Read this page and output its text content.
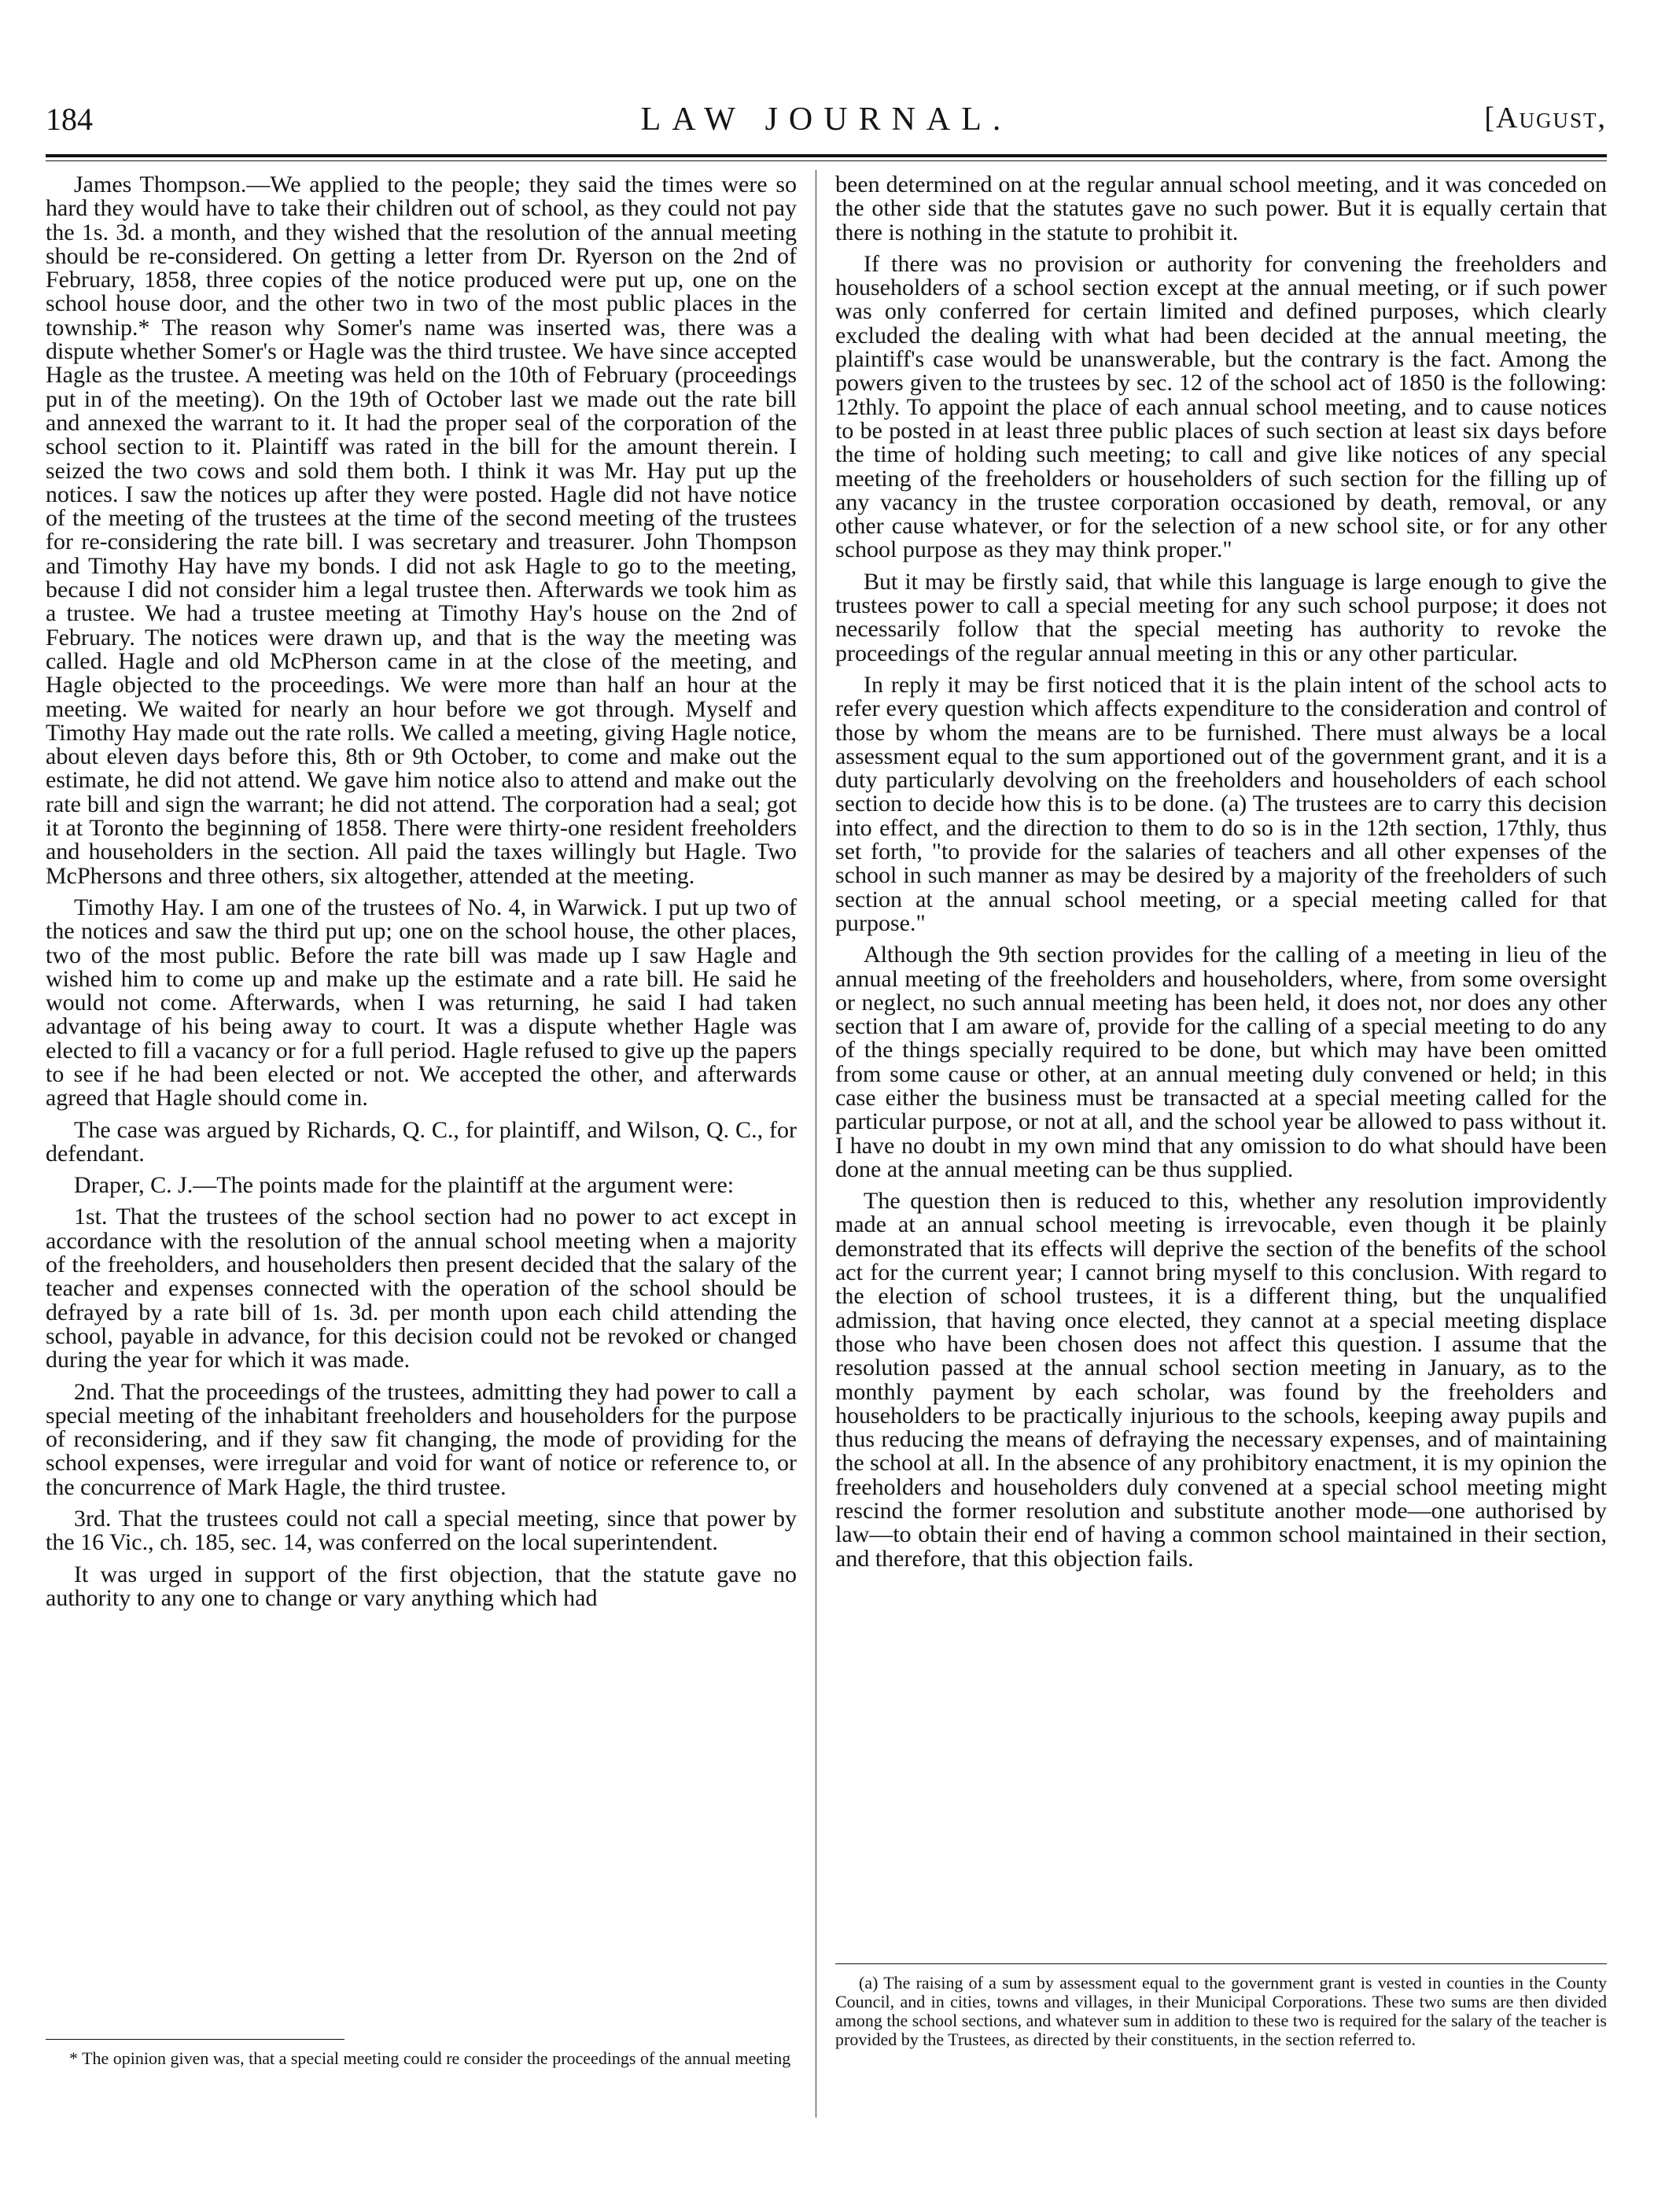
184	LAW JOURNAL.	[August,

James Thompson.—We applied to the people; they said the times were so hard they would have to take their children out of school, as they could not pay the 1s. 3d. a month, and they wished that the resolution of the annual meeting should be re-considered. On getting a letter from Dr. Ryerson on the 2nd of February, 1858, three copies of the notice produced were put up, one on the school house door, and the other two in two of the most public places in the township.* The reason why Somer's name was inserted was, there was a dispute whether Somer's or Hagle was the third trustee. We have since accepted Hagle as the trustee. A meeting was held on the 10th of February (proceedings put in of the meeting). On the 19th of October last we made out the rate bill and annexed the warrant to it. It had the proper seal of the corporation of the school section to it. Plaintiff was rated in the bill for the amount therein. I seized the two cows and sold them both. I think it was Mr. Hay put up the notices. I saw the notices up after they were posted. Hagle did not have notice of the meeting of the trustees at the time of the second meeting of the trustees for re-considering the rate bill. I was secretary and treasurer. John Thompson and Timothy Hay have my bonds. I did not ask Hagle to go to the meeting, because I did not consider him a legal trustee then. Afterwards we took him as a trustee. We had a trustee meeting at Timothy Hay's house on the 2nd of February. The notices were drawn up, and that is the way the meeting was called. Hagle and old McPherson came in at the close of the meeting, and Hagle objected to the proceedings. We were more than half an hour at the meeting. We waited for nearly an hour before we got through. Myself and Timothy Hay made out the rate rolls. We called a meeting, giving Hagle notice, about eleven days before this, 8th or 9th October, to come and make out the estimate, he did not attend. We gave him notice also to attend and make out the rate bill and sign the warrant; he did not attend. The corporation had a seal; got it at Toronto the beginning of 1858. There were thirty-one resident freeholders and householders in the section. All paid the taxes willingly but Hagle. Two McPhersons and three others, six altogether, attended at the meeting.

Timothy Hay. I am one of the trustees of No. 4, in Warwick. I put up two of the notices and saw the third put up; one on the school house, the other places, two of the most public. Before the rate bill was made up I saw Hagle and wished him to come up and make up the estimate and a rate bill. He said he would not come. Afterwards, when I was returning, he said I had taken advantage of his being away to court. It was a dispute whether Hagle was elected to fill a vacancy or for a full period. Hagle refused to give up the papers to see if he had been elected or not. We accepted the other, and afterwards agreed that Hagle should come in.

The case was argued by Richards, Q. C., for plaintiff, and Wilson, Q. C., for defendant.

Draper, C. J.—The points made for the plaintiff at the argument were:

1st. That the trustees of the school section had no power to act except in accordance with the resolution of the annual school meeting when a majority of the freeholders, and householders then present decided that the salary of the teacher and expenses connected with the operation of the school should be defrayed by a rate bill of 1s. 3d. per month upon each child attending the school, payable in advance, for this decision could not be revoked or changed during the year for which it was made.

2nd. That the proceedings of the trustees, admitting they had power to call a special meeting of the inhabitant freeholders and householders for the purpose of reconsidering, and if they saw fit changing, the mode of providing for the school expenses, were irregular and void for want of notice or reference to, or the concurrence of Mark Hagle, the third trustee.

3rd. That the trustees could not call a special meeting, since that power by the 16 Vic., ch. 185, sec. 14, was conferred on the local superintendent.

It was urged in support of the first objection, that the statute gave no authority to any one to change or vary anything which had

been determined on at the regular annual school meeting, and it was conceded on the other side that the statutes gave no such power. But it is equally certain that there is nothing in the statute to prohibit it.

If there was no provision or authority for convening the freeholders and householders of a school section except at the annual meeting, or if such power was only conferred for certain limited and defined purposes, which clearly excluded the dealing with what had been decided at the annual meeting, the plaintiff's case would be unanswerable, but the contrary is the fact. Among the powers given to the trustees by sec. 12 of the school act of 1850 is the following: 12thly. To appoint the place of each annual school meeting, and to cause notices to be posted in at least three public places of such section at least six days before the time of holding such meeting; to call and give like notices of any special meeting of the freeholders or householders of such section for the filling up of any vacancy in the trustee corporation occasioned by death, removal, or any other cause whatever, or for the selection of a new school site, or for any other school purpose as they may think proper."

But it may be firstly said, that while this language is large enough to give the trustees power to call a special meeting for any such school purpose; it does not necessarily follow that the special meeting has authority to revoke the proceedings of the regular annual meeting in this or any other particular.

In reply it may be first noticed that it is the plain intent of the school acts to refer every question which affects expenditure to the consideration and control of those by whom the means are to be furnished. There must always be a local assessment equal to the sum apportioned out of the government grant, and it is a duty particularly devolving on the freeholders and householders of each school section to decide how this is to be done. (a) The trustees are to carry this decision into effect, and the direction to them to do so is in the 12th section, 17thly, thus set forth, "to provide for the salaries of teachers and all other expenses of the school in such manner as may be desired by a majority of the freeholders of such section at the annual school meeting, or a special meeting called for that purpose."

Although the 9th section provides for the calling of a meeting in lieu of the annual meeting of the freeholders and householders, where, from some oversight or neglect, no such annual meeting has been held, it does not, nor does any other section that I am aware of, provide for the calling of a special meeting to do any of the things specially required to be done, but which may have been omitted from some cause or other, at an annual meeting duly convened or held; in this case either the business must be transacted at a special meeting called for the particular purpose, or not at all, and the school year be allowed to pass without it. I have no doubt in my own mind that any omission to do what should have been done at the annual meeting can be thus supplied.

The question then is reduced to this, whether any resolution improvidently made at an annual school meeting is irrevocable, even though it be plainly demonstrated that its effects will deprive the section of the benefits of the school act for the current year; I cannot bring myself to this conclusion. With regard to the election of school trustees, it is a different thing, but the unqualified admission, that having once elected, they cannot at a special meeting displace those who have been chosen does not affect this question. I assume that the resolution passed at the annual school section meeting in January, as to the monthly payment by each scholar, was found by the freeholders and householders to be practically injurious to the schools, keeping away pupils and thus reducing the means of defraying the necessary expenses, and of maintaining the school at all. In the absence of any prohibitory enactment, it is my opinion the freeholders and householders duly convened at a special school meeting might rescind the former resolution and substitute another mode—one authorised by law—to obtain their end of having a common school maintained in their section, and therefore, that this objection fails.

* The opinion given was, that a special meeting could re consider the proceedings of the annual meeting
(a) The raising of a sum by assessment equal to the government grant is vested in counties in the County Council, and in cities, towns and villages, in their Municipal Corporations. These two sums are then divided among the school sections, and whatever sum in addition to these two is required for the salary of the teacher is provided by the Trustees, as directed by their constituents, in the section referred to.
